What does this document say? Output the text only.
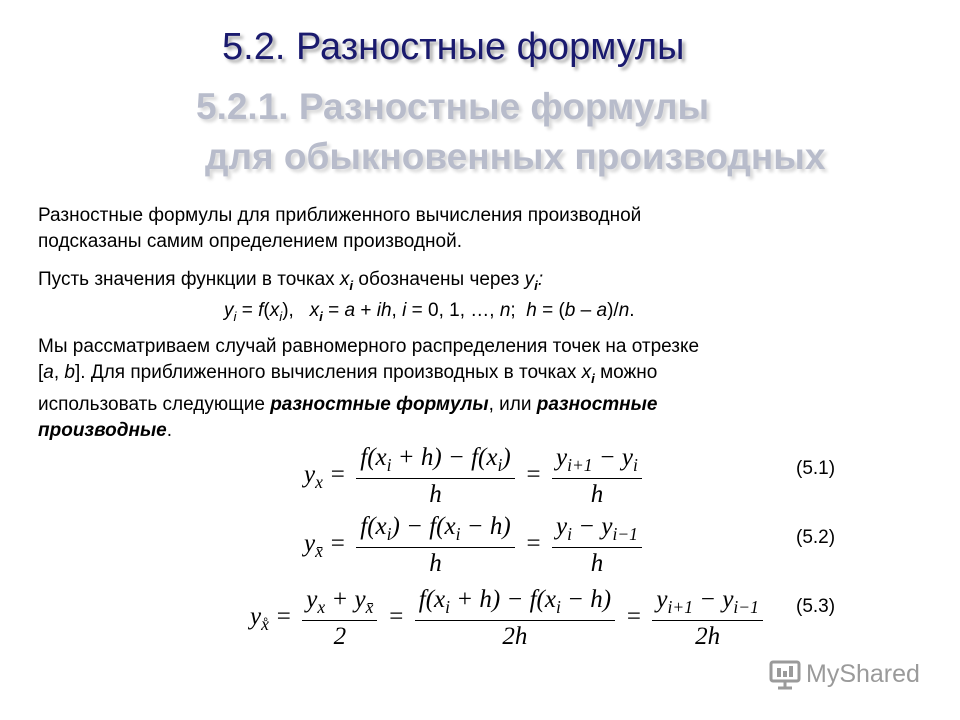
5.2. Разностные формулы
5.2.1. Разностные формулы
для обыкновенных производных
Разностные формулы для приближенного вычисления производной
подсказаны самим определением производной.
Пусть значения функции в точках $x_i$ обозначены через $y_i$:
$y_i = f(x_i)$,   $x_i = a$ + ih, i = 0, 1, …, n;  h = (b – a)/n.
Мы рассматриваем случай равномерного распределения точек на отрезке
[a, b]. Для приближенного вычисления производных в точках $x_i$ можно
использовать следующие разностные формулы, или разностные
производные.
$y_x = \frac{f(x_i + h) - f(x_i)}{h} = \frac{y_{i+1} - y_i}{h}$	(5.1)
$y_{x̄} = \frac{f(x_i) - f(x_i - h)}{h} = \frac{y_i - y_{i-1}}{h}$	(5.2)
$y_{x̊} = \frac{y_x + y_{x̄}}{2} = \frac{f(x_i + h) - f(x_i - h)}{2h} = \frac{y_{i+1} - y_{i-1}}{2h} (5.3)$
MyShared
